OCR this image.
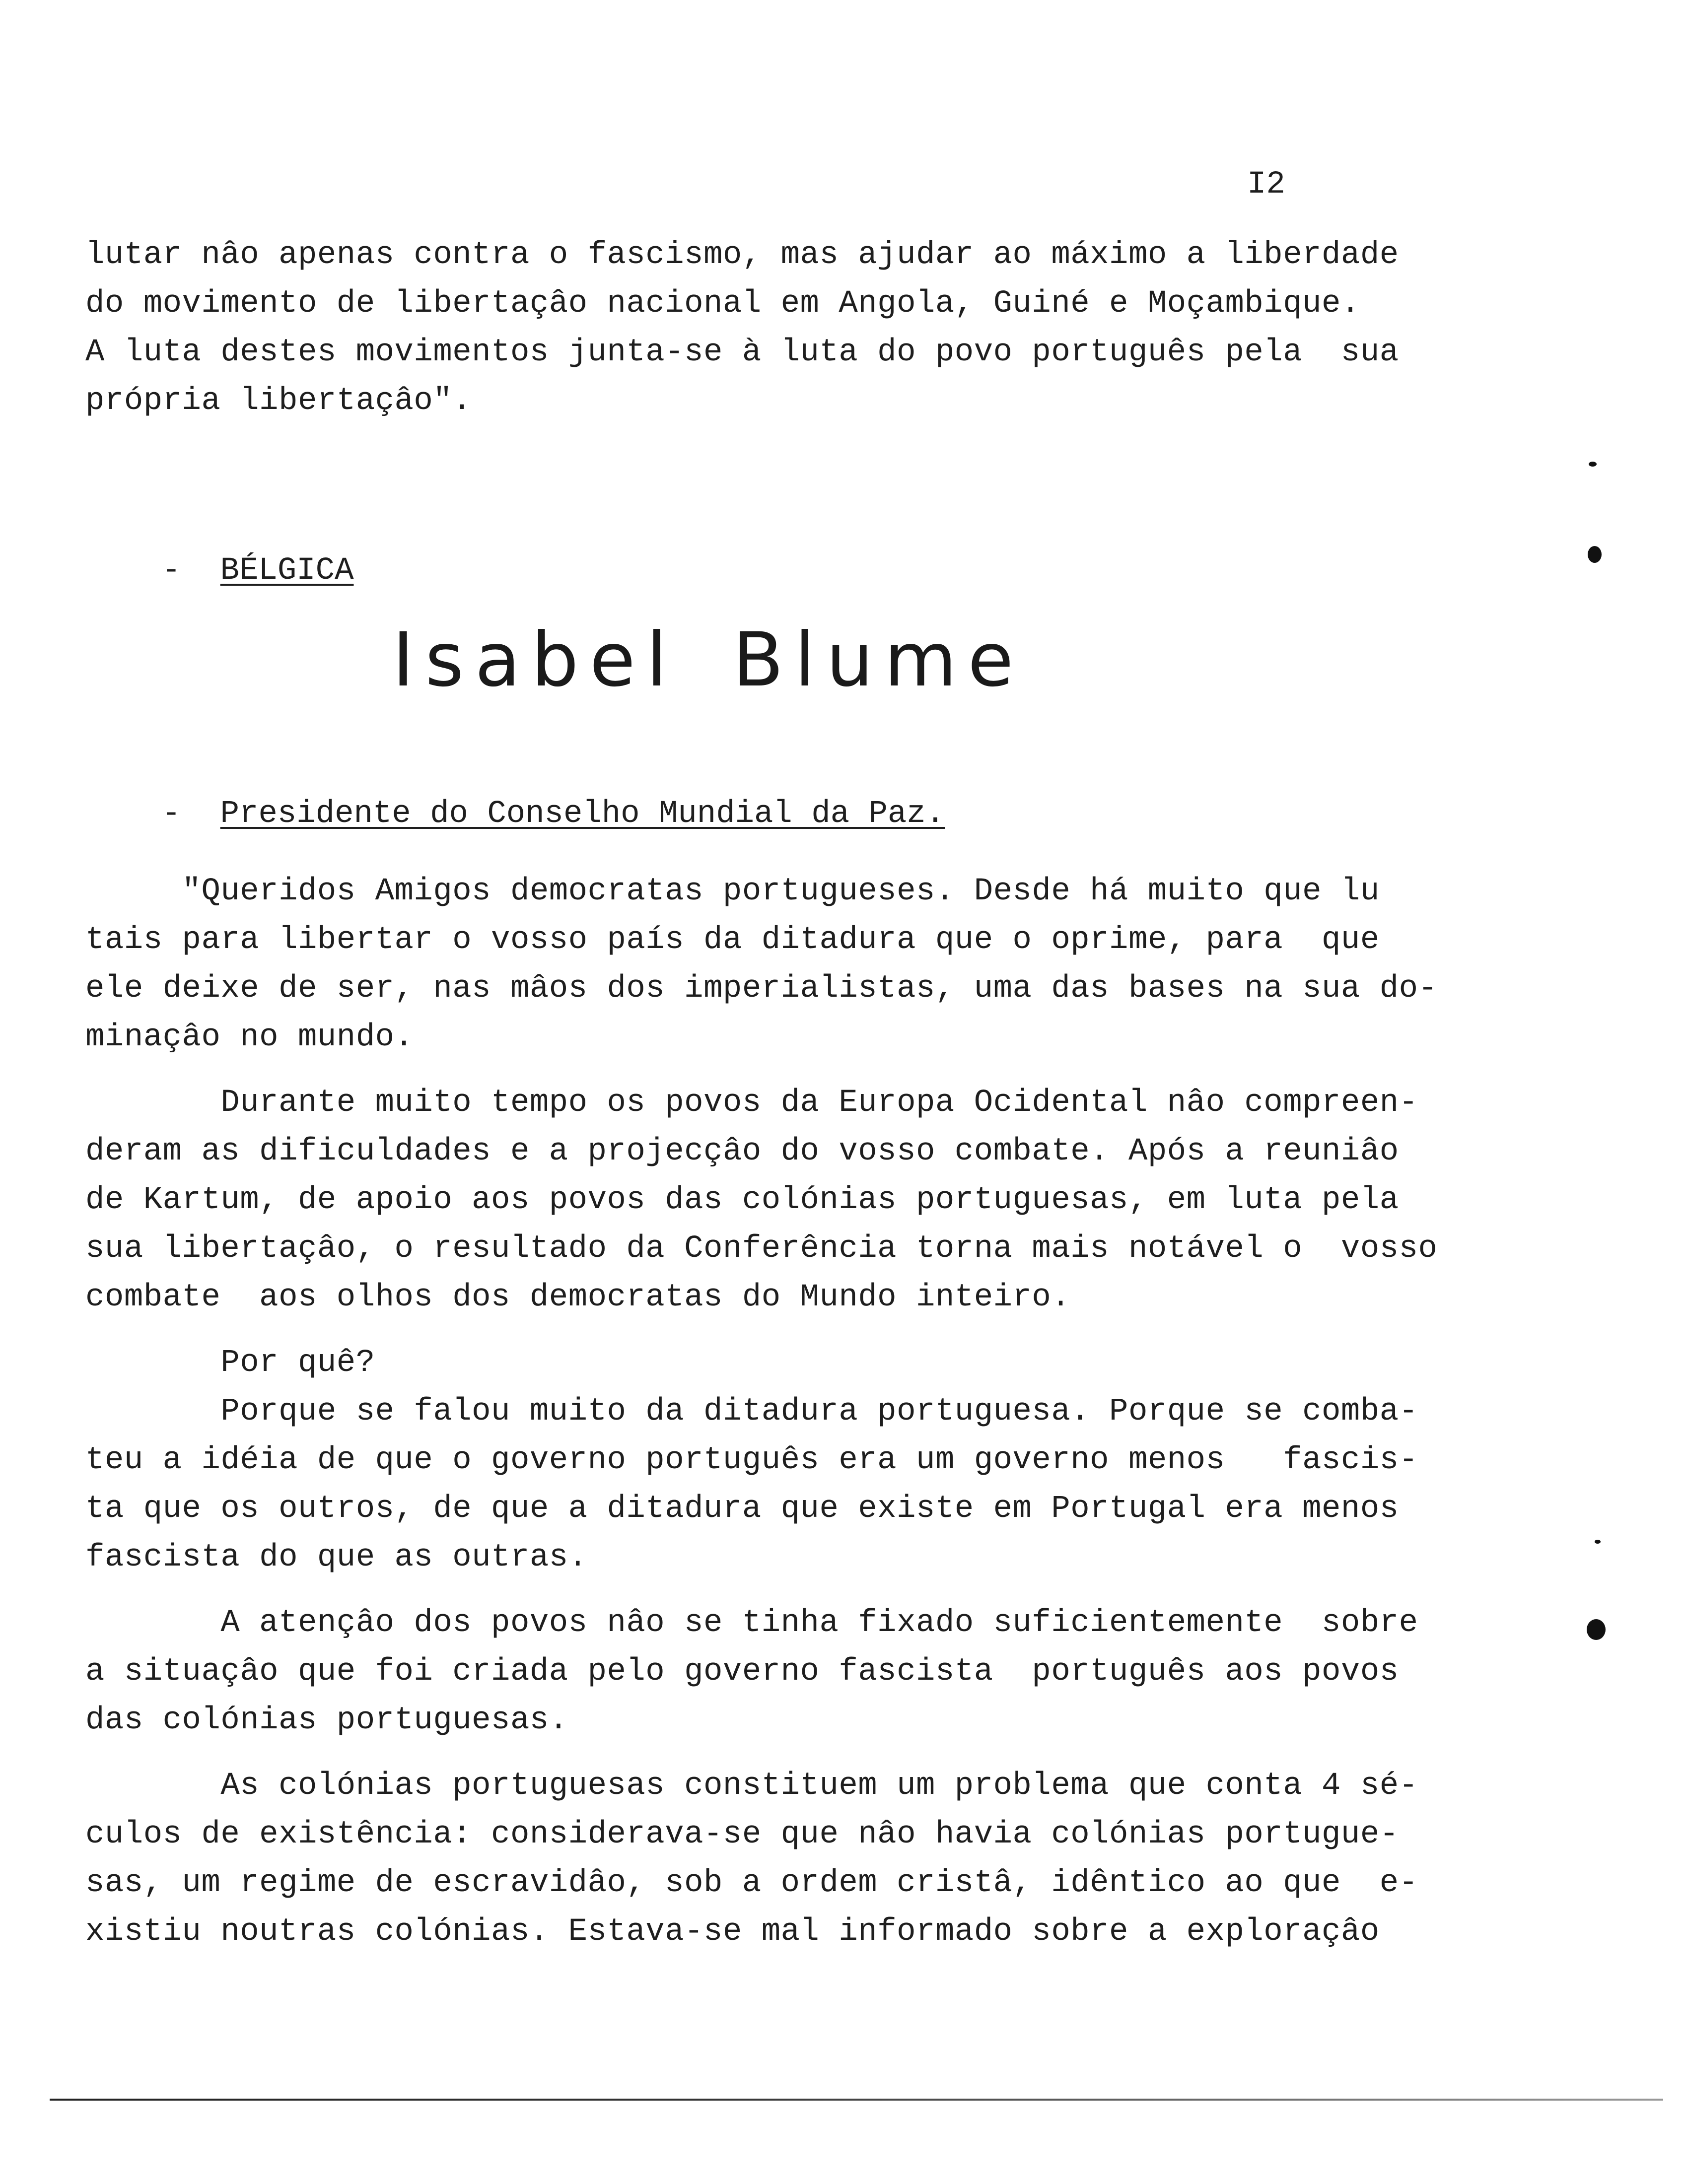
I2
lutar nâo apenas contra o fascismo, mas ajudar ao máximo a liberdade
do movimento de libertaçâo nacional em Angola, Guiné e Moçambique.
A luta destes movimentos junta-se à luta do povo português pela  sua
própria libertaçâo".

- BÉLGICA

Isabel Blume

- Presidente do Conselho Mundial da Paz.

"Queridos Amigos democratas portugueses. Desde há muito que lu
tais para libertar o vosso país da ditadura que o oprime, para  que
ele deixe de ser, nas mâos dos imperialistas, uma das bases na sua do-
minaçâo no mundo.
Durante muito tempo os povos da Europa Ocidental nâo compreen-
deram as dificuldades e a projecçâo do vosso combate. Após a reuniâo
de Kartum, de apoio aos povos das colónias portuguesas, em luta pela
sua libertaçâo, o resultado da Conferência torna mais notável o  vosso
combate  aos olhos dos democratas do Mundo inteiro.
Por quê?
Porque se falou muito da ditadura portuguesa. Porque se comba-
teu a idéia de que o governo português era um governo menos   fascis-
ta que os outros, de que a ditadura que existe em Portugal era menos
fascista do que as outras.
A atençâo dos povos nâo se tinha fixado suficientemente  sobre
a situaçâo que foi criada pelo governo fascista  português aos povos
das colónias portuguesas.
As colónias portuguesas constituem um problema que conta 4 sé-
culos de existência: considerava-se que nâo havia colónias portugue-
sas, um regime de escravidâo, sob a ordem cristâ, idêntico ao que  e-
xistiu noutras colónias. Estava-se mal informado sobre a exploraçâo
